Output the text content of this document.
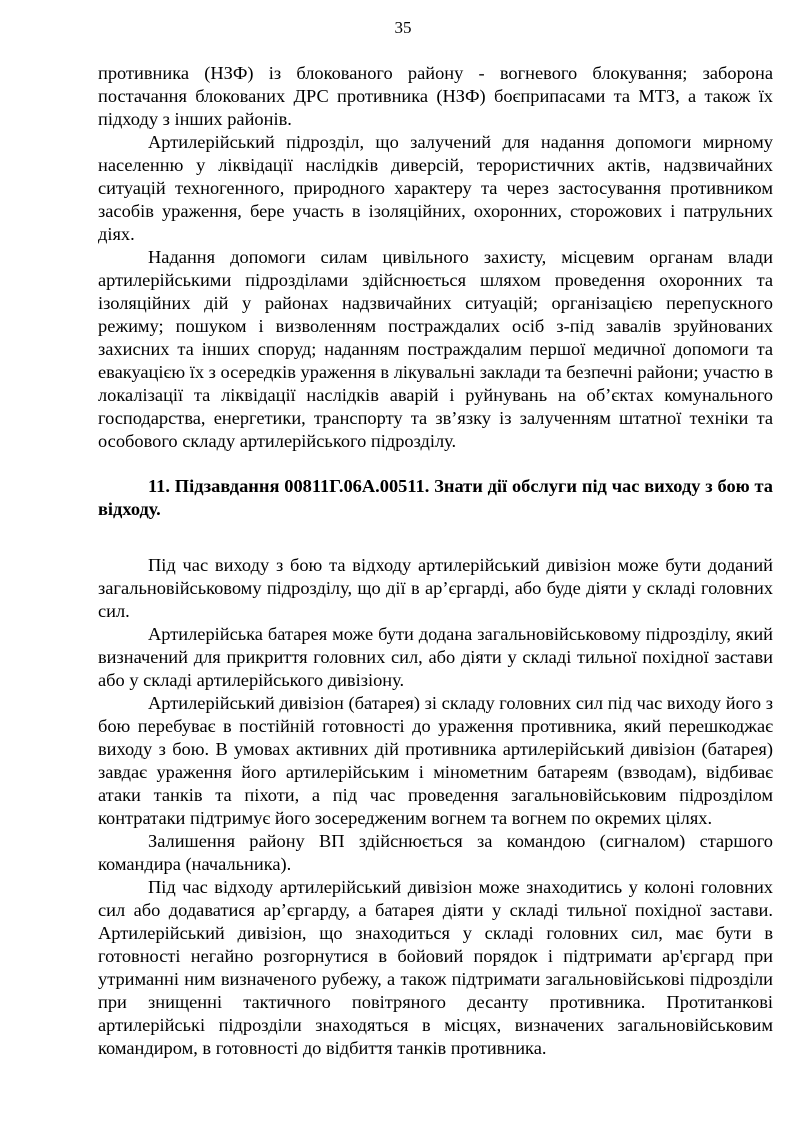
35

противника (НЗФ) із блокованого району - вогневого блокування; заборона постачання блокованих ДРС противника (НЗФ) боєприпасами та МТЗ, а також їх підходу з інших районів.

Артилерійський підрозділ, що залучений для надання допомоги мирному населенню у ліквідації наслідків диверсій, терористичних актів, надзвичайних ситуацій техногенного, природного характеру та через застосування противником засобів ураження, бере участь в ізоляційних, охоронних, сторожових і патрульних діях.

Надання допомоги силам цивільного захисту, місцевим органам влади артилерійськими підрозділами здійснюється шляхом проведення охоронних та ізоляційних дій у районах надзвичайних ситуацій; організацією перепускного режиму; пошуком і визволенням постраждалих осіб з-під завалів зруйнованих захисних та інших споруд; наданням постраждалим першої медичної допомоги та евакуацією їх з осередків ураження в лікувальні заклади та безпечні райони; участю в локалізації та ліквідації наслідків аварій і руйнувань на об’єктах комунального господарства, енергетики, транспорту та зв’язку із залученням штатної техніки та особового складу артилерійського підрозділу.

11. Підзавдання 00811Г.06А.00511. Знати дії обслуги під час виходу з бою та відходу.

Під час виходу з бою та відходу артилерійський дивізіон може бути доданий загальновійськовому підрозділу, що дії в ар’єргарді, або буде діяти у складі головних сил.

Артилерійська батарея може бути додана загальновійськовому підрозділу, який визначений для прикриття головних сил, або діяти у складі тильної похідної застави або у складі артилерійського дивізіону.

Артилерійський дивізіон (батарея) зі складу головних сил під час виходу його з бою перебуває в постійній готовності до ураження противника, який перешкоджає виходу з бою. В умовах активних дій противника артилерійський дивізіон (батарея) завдає ураження його артилерійським і мінометним батареям (взводам), відбиває атаки танків та піхоти, а під час проведення загальновійськовим підрозділом контратаки підтримує його зосередженим вогнем та вогнем по окремих цілях.

Залишення району ВП здійснюється за командою (сигналом) старшого командира (начальника).

Під час відходу артилерійський дивізіон може знаходитись у колоні головних сил або додаватися ар’єргарду, а батарея діяти у складі тильної похідної застави. Артилерійський дивізіон, що знаходиться у складі головних сил, має бути в готовності негайно розгорнутися в бойовий порядок і підтримати ар'єргард при утриманні ним визначеного рубежу, а також підтримати загальновійськові підрозділи при знищенні тактичного повітряного десанту противника. Протитанкові артилерійські підрозділи знаходяться в місцях, визначених загальновійськовим командиром, в готовності до відбиття танків противника.
